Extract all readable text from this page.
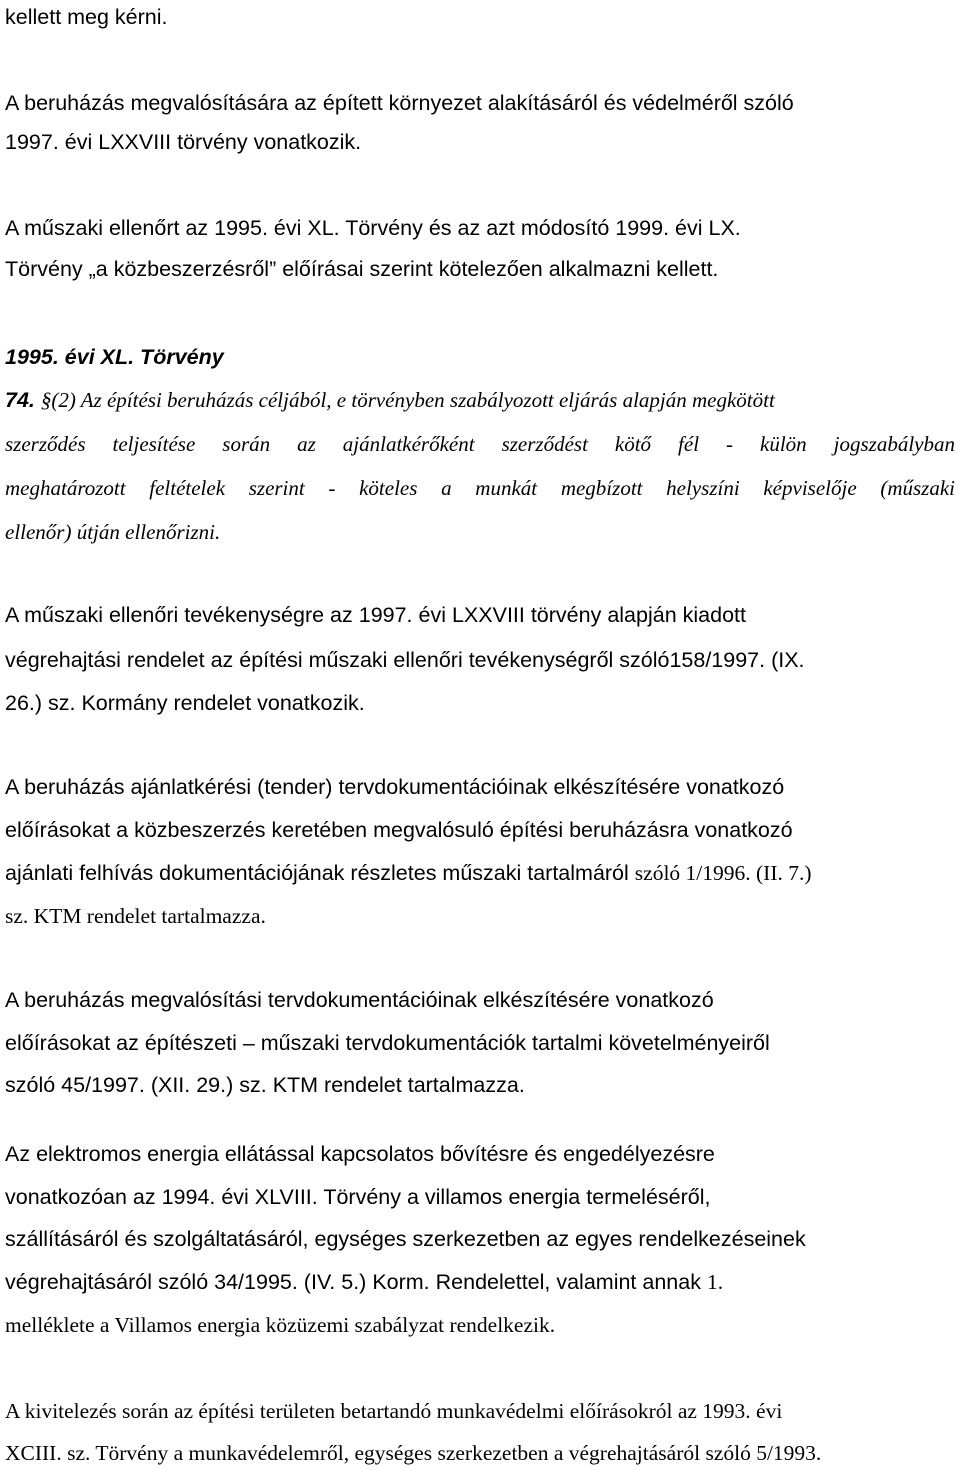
kellett meg kérni.
A beruházás megvalósítására az épített környezet alakításáról és védelméről szóló
1997. évi LXXVIII törvény vonatkozik.
A műszaki ellenőrt az 1995. évi XL. Törvény és az azt módosító 1999. évi LX.
Törvény „a közbeszerzésről” előírásai szerint kötelezően alkalmazni kellett.
1995. évi XL. Törvény
74. §(2) Az építési beruházás céljából, e törvényben szabályozott eljárás alapján megkötött
szerződés teljesítése során az ajánlatkérőként szerződést kötő fél - külön jogszabályban
meghatározott feltételek szerint - köteles a munkát megbízott helyszíni képviselője (műszaki
ellenőr) útján ellenőrizni.
A műszaki ellenőri tevékenységre az 1997. évi LXXVIII törvény alapján kiadott
végrehajtási rendelet az építési műszaki ellenőri tevékenységről szóló158/1997. (IX.
26.) sz. Kormány rendelet vonatkozik.
A beruházás ajánlatkérési (tender) tervdokumentációinak elkészítésére vonatkozó
előírásokat a közbeszerzés keretében megvalósuló építési beruházásra vonatkozó
ajánlati felhívás dokumentációjának részletes műszaki tartalmáról szóló 1/1996. (II. 7.)
sz. KTM rendelet tartalmazza.
A beruházás megvalósítási tervdokumentációinak elkészítésére vonatkozó
előírásokat az építészeti – műszaki tervdokumentációk tartalmi követelményeiről
szóló 45/1997. (XII. 29.) sz. KTM rendelet tartalmazza.
Az elektromos energia ellátással kapcsolatos bővítésre és engedélyezésre
vonatkozóan az 1994. évi XLVIII. Törvény a villamos energia termeléséről,
szállításáról és szolgáltatásáról, egységes szerkezetben az egyes rendelkezéseinek
végrehajtásáról szóló 34/1995. (IV. 5.) Korm. Rendelettel, valamint annak 1.
melléklete a Villamos energia közüzemi szabályzat rendelkezik.
A kivitelezés során az építési területen betartandó munkavédelmi előírásokról az 1993. évi
XCIII. sz. Törvény a munkavédelemről, egységes szerkezetben a végrehajtásáról szóló 5/1993.
